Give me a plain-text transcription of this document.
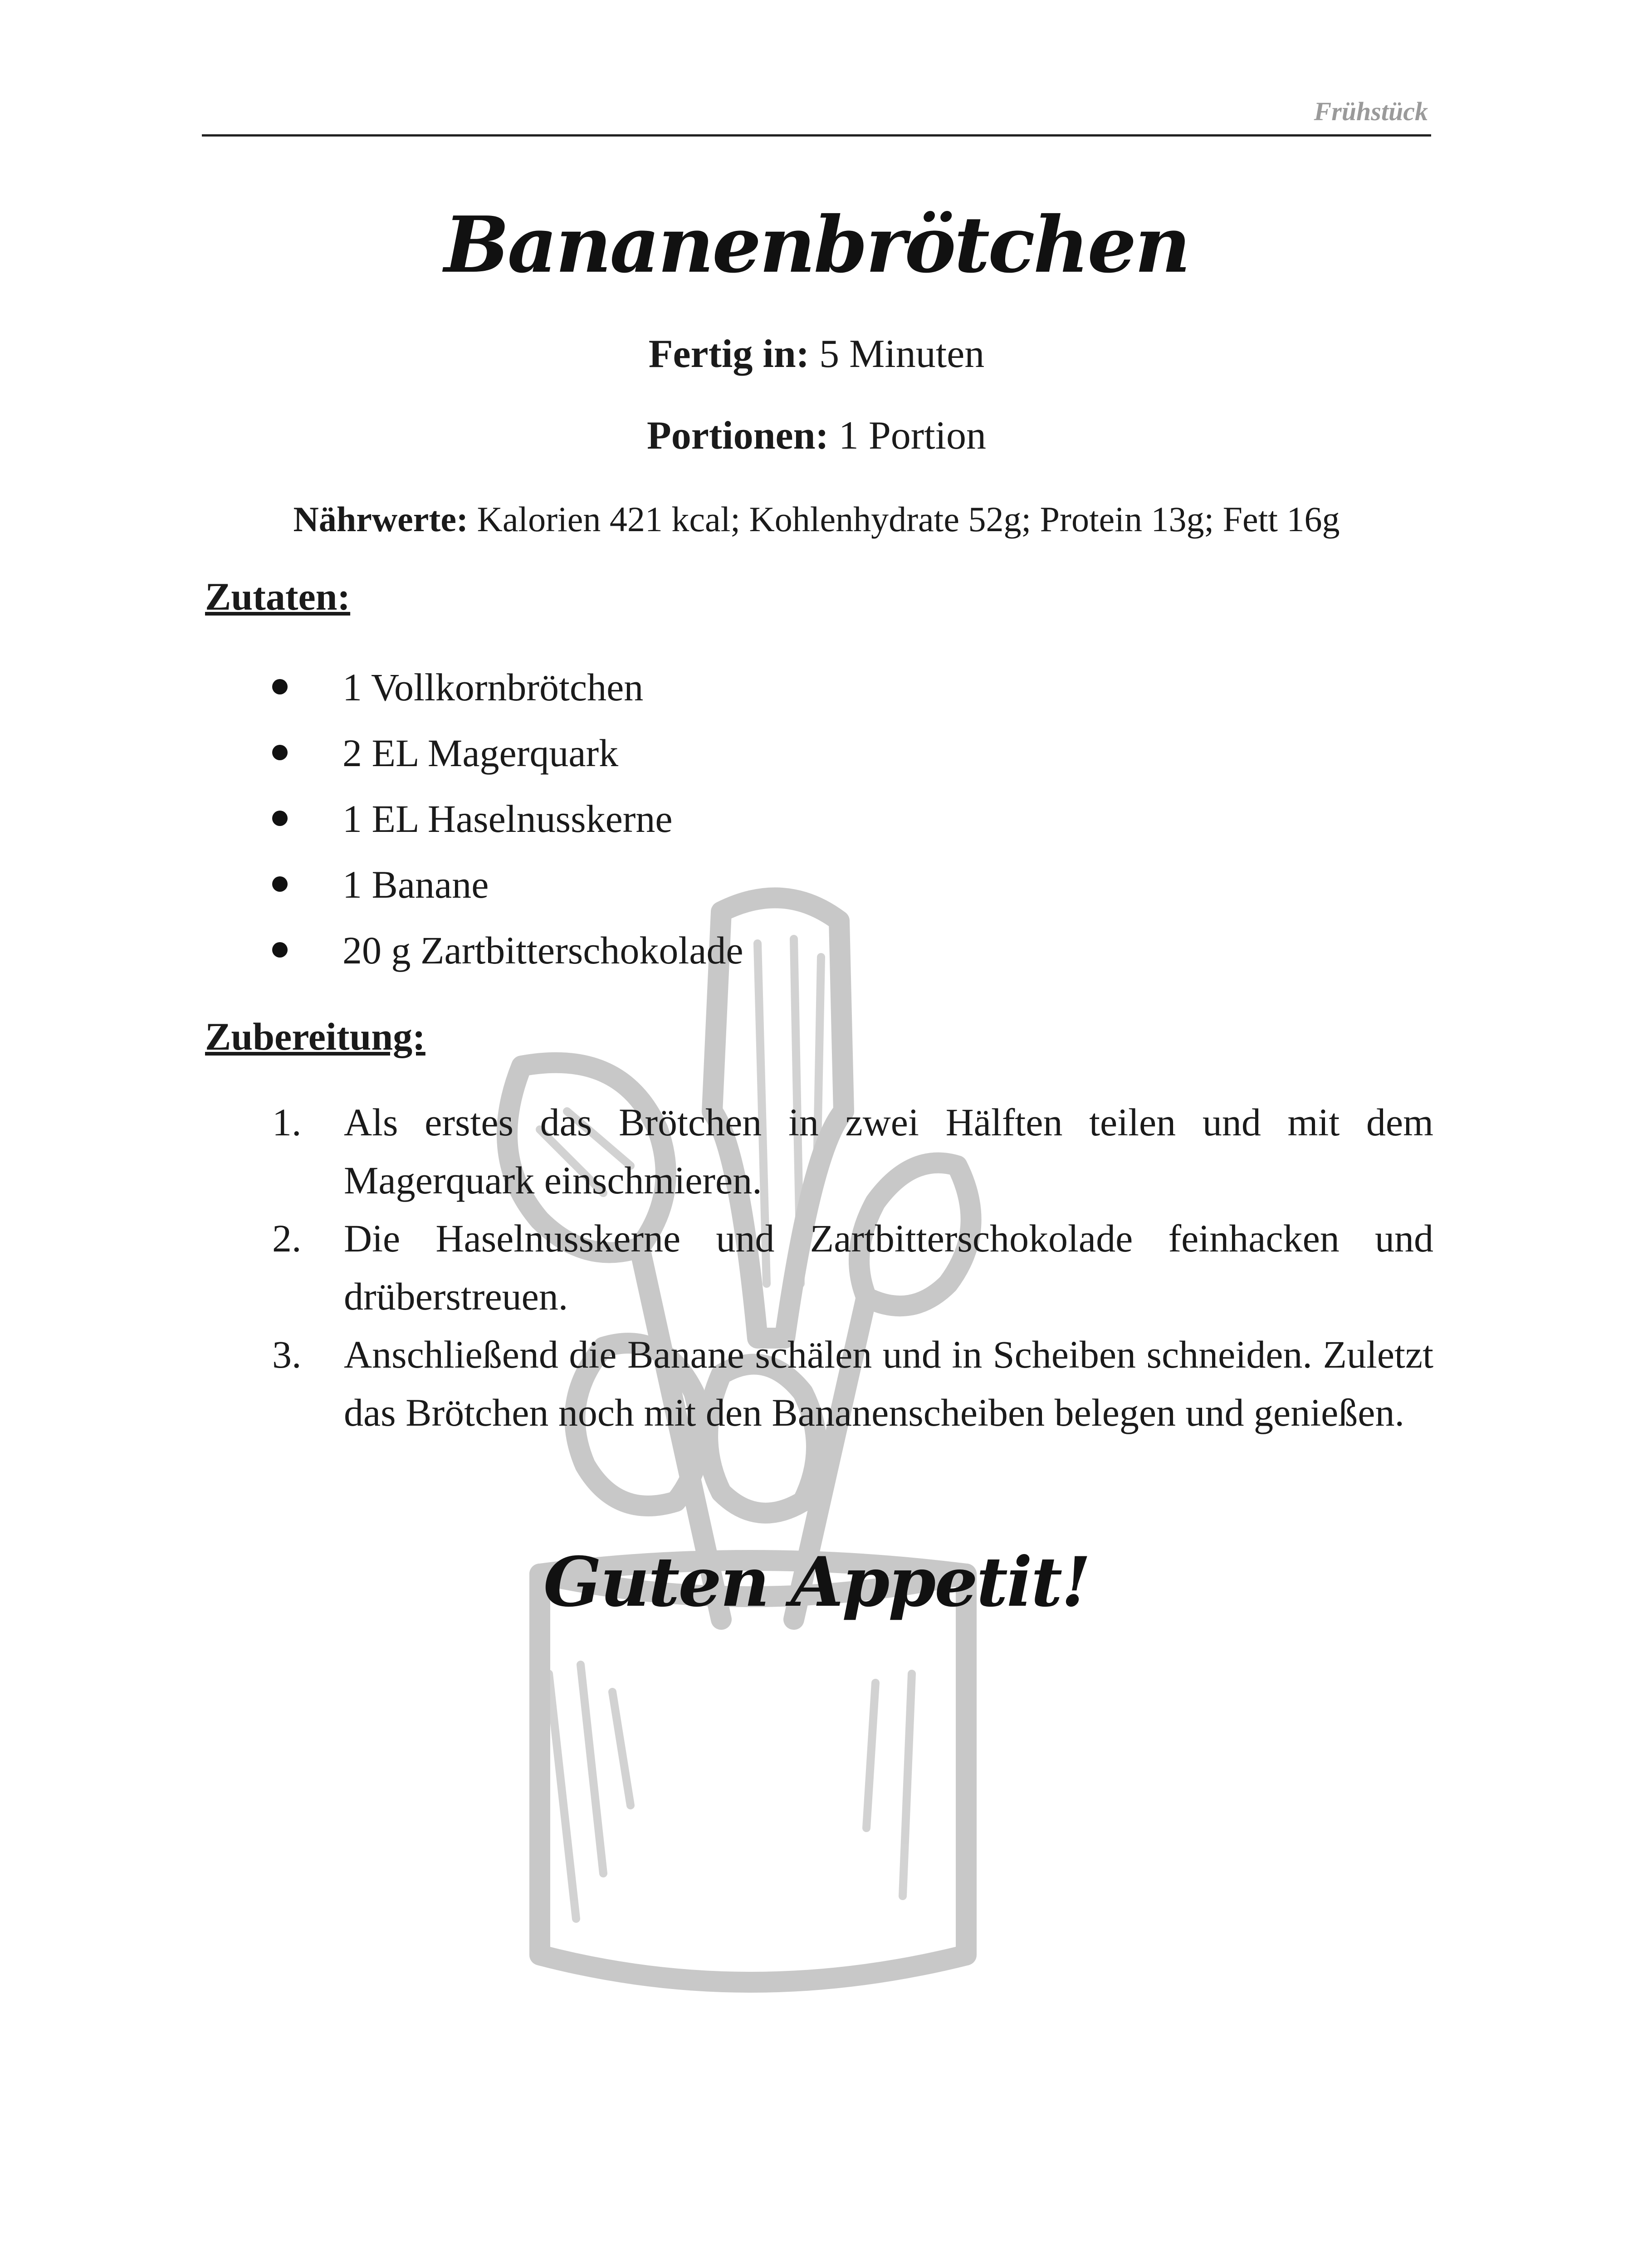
Frühstück
Bananenbrötchen
Fertig in: 5 Minuten
Portionen: 1 Portion
Nährwerte: Kalorien 421 kcal; Kohlenhydrate 52g; Protein 13g; Fett 16g
Zutaten:
1 Vollkornbrötchen
2 EL Magerquark
1 EL Haselnusskerne
1 Banane
20 g Zartbitterschokolade
Zubereitung:
1. Als erstes das Brötchen in zwei Hälften teilen und mit dem Magerquark einschmieren.
2. Die Haselnusskerne und Zartbitterschokolade feinhacken und drüberstreuen.
3. Anschließend die Banane schälen und in Scheiben schneiden. Zuletzt das Brötchen noch mit den Bananenscheiben belegen und genießen.
Guten Appetit!
